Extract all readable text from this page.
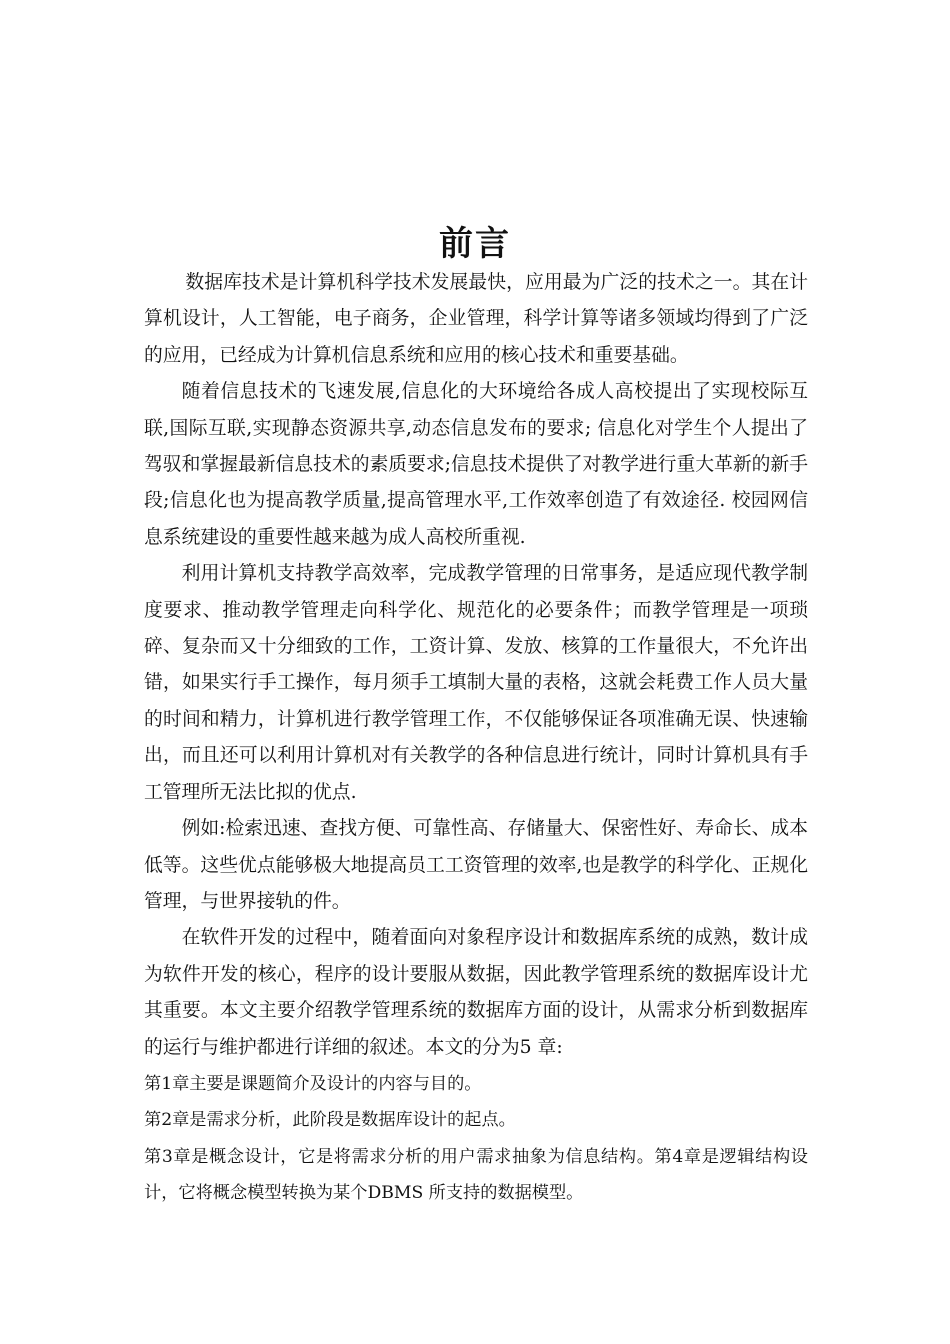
前言

数据库技术是计算机科学技术发展最快，应用最为广泛的技术之一。其在计算机设计，人工智能，电子商务，企业管理，科学计算等诸多领域均得到了广泛的应用，已经成为计算机信息系统和应用的核心技术和重要基础。

随着信息技术的飞速发展,信息化的大环境给各成人高校提出了实现校际互联,国际互联,实现静态资源共享,动态信息发布的要求; 信息化对学生个人提出了驾驭和掌握最新信息技术的素质要求;信息技术提供了对教学进行重大革新的新手段;信息化也为提高教学质量,提高管理水平,工作效率创造了有效途径. 校园网信息系统建设的重要性越来越为成人高校所重视.

利用计算机支持教学高效率，完成教学管理的日常事务，是适应现代教学制度要求、推动教学管理走向科学化、规范化的必要条件；而教学管理是一项琐碎、复杂而又十分细致的工作，工资计算、发放、核算的工作量很大，不允许出错，如果实行手工操作，每月须手工填制大量的表格，这就会耗费工作人员大量的时间和精力，计算机进行教学管理工作，不仅能够保证各项准确无误、快速输出，而且还可以利用计算机对有关教学的各种信息进行统计，同时计算机具有手工管理所无法比拟的优点.

例如:检索迅速、查找方便、可靠性高、存储量大、保密性好、寿命长、成本低等。这些优点能够极大地提高员工工资管理的效率,也是教学的科学化、正规化管理，与世界接轨的件。

在软件开发的过程中，随着面向对象程序设计和数据库系统的成熟，数计成为软件开发的核心，程序的设计要服从数据，因此教学管理系统的数据库设计尤其重要。本文主要介绍教学管理系统的数据库方面的设计，从需求分析到数据库的运行与维护都进行详细的叙述。本文的分为5 章:

第1章主要是课题简介及设计的内容与目的。

第2章是需求分析，此阶段是数据库设计的起点。

第3章是概念设计，它是将需求分析的用户需求抽象为信息结构。第4章是逻辑结构设计，它将概念模型转换为某个DBMS 所支持的数据模型。
